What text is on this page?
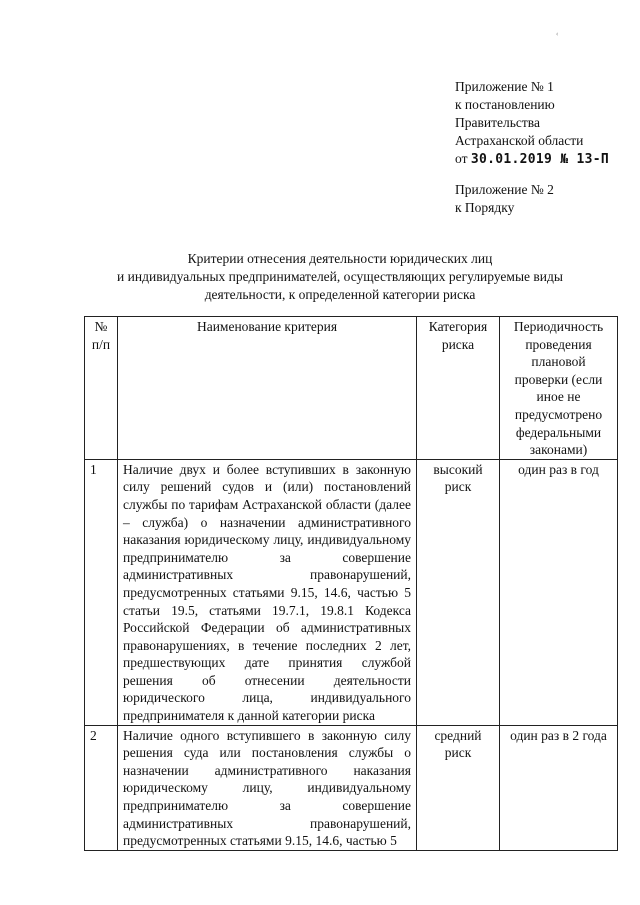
‹
Приложение № 1
к постановлению
Правительства
Астраханской области
от 30.01.2019 № 13-П
Приложение № 2
к Порядку
Критерии отнесения деятельности юридических лиц
и индивидуальных предпринимателей, осуществляющих регулируемые виды
деятельности, к определенной категории риска
№ п/п	Наименование критерия	Категория риска	Периодичность проведения плановой проверки (если иное не предусмотрено федеральными законами)
1	Наличие двух и более вступивших в законную силу решений судов и (или) постановлений службы по тарифам Астраханской области (далее – служба) о назначении административного наказания юридическому лицу, индивидуальному предпринимателю за совершение административных правонарушений, предусмотренных статьями 9.15, 14.6, частью 5 статьи 19.5, статьями 19.7.1, 19.8.1 Кодекса Российской Федерации об административных правонарушениях, в течение последних 2 лет, предшествующих дате принятия службой решения об отнесении деятельности юридического лица, индивидуального предпринимателя к данной категории риска	высокий риск	один раз в год
2	Наличие одного вступившего в законную силу решения суда или постановления службы о назначении административного наказания юридическому лицу, индивидуальному предпринимателю за совершение административных правонарушений, предусмотренных статьями 9.15, 14.6, частью 5	средний риск	один раз в 2 года
